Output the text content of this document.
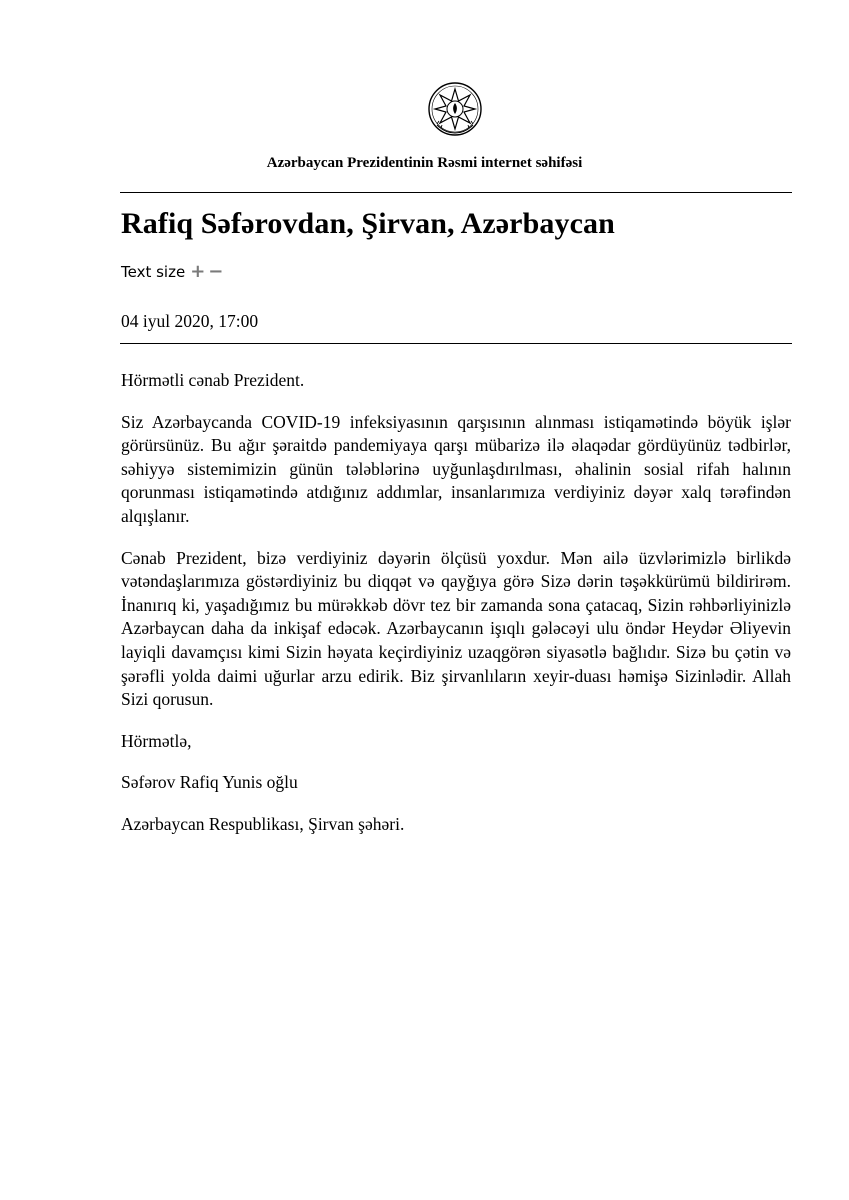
Azərbaycan Prezidentinin Rəsmi internet səhifəsi
Rafiq Səfərovdan, Şirvan, Azərbaycan
Text size + −
04 iyul 2020, 17:00

Hörmətli cənab Prezident.

Siz Azərbaycanda COVID-19 infeksiyasının qarşısının alınması istiqamətində böyük işlər görürsünüz. Bu ağır şəraitdə pandemiyaya qarşı mübarizə ilə əlaqədar gördüyünüz tədbirlər, səhiyyə sistemimizin günün tələblərinə uyğunlaşdırılması, əhalinin sosial rifah halının qorunması istiqamətində atdığınız addımlar, insanlarımıza verdiyiniz dəyər xalq tərəfindən alqışlanır.

Cənab Prezident, bizə verdiyiniz dəyərin ölçüsü yoxdur. Mən ailə üzvlərimizlə birlikdə vətəndaşlarımıza göstərdiyiniz bu diqqət və qayğıya görə Sizə dərin təşəkkürümü bildirirəm. İnanırıq ki, yaşadığımız bu mürəkkəb dövr tez bir zamanda sona çatacaq, Sizin rəhbərliyinizlə Azərbaycan daha da inkişaf edəcək. Azərbaycanın işıqlı gələcəyi ulu öndər Heydər Əliyevin layiqli davamçısı kimi Sizin həyata keçirdiyiniz uzaqgörən siyasətlə bağlıdır. Sizə bu çətin və şərəfli yolda daimi uğurlar arzu edirik. Biz şirvanlıların xeyir-duası həmişə Sizinlədir. Allah Sizi qorusun.

Hörmətlə,

Səfərov Rafiq Yunis oğlu

Azərbaycan Respublikası, Şirvan şəhəri.
